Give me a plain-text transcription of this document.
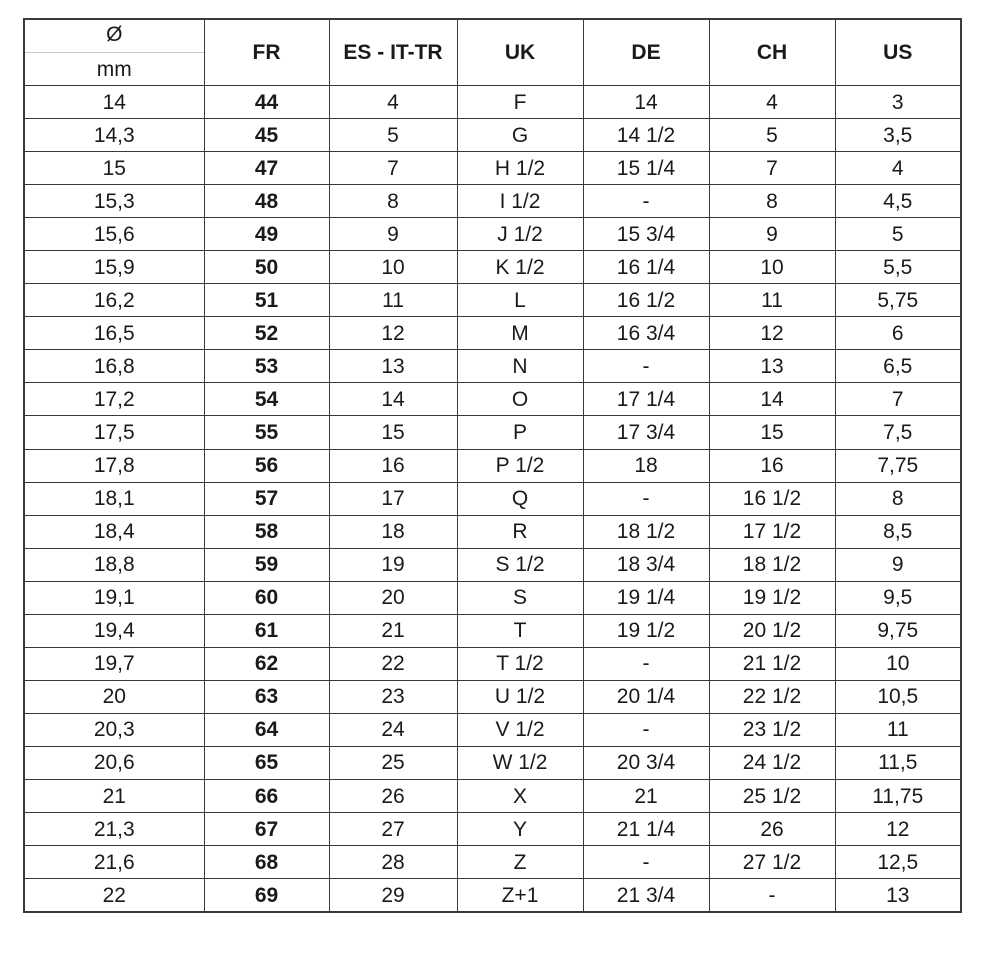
Ø
mm	FR	ES - IT-TR	UK	DE	CH	US
14	44	4	F	14	4	3
14,3	45	5	G	14 1/2	5	3,5
15	47	7	H 1/2	15 1/4	7	4
15,3	48	8	I 1/2	-	8	4,5
15,6	49	9	J 1/2	15 3/4	9	5
15,9	50	10	K 1/2	16 1/4	10	5,5
16,2	51	11	L	16 1/2	11	5,75
16,5	52	12	M	16 3/4	12	6
16,8	53	13	N	-	13	6,5
17,2	54	14	O	17 1/4	14	7
17,5	55	15	P	17 3/4	15	7,5
17,8	56	16	P 1/2	18	16	7,75
18,1	57	17	Q	-	16 1/2	8
18,4	58	18	R	18 1/2	17 1/2	8,5
18,8	59	19	S 1/2	18 3/4	18 1/2	9
19,1	60	20	S	19 1/4	19 1/2	9,5
19,4	61	21	T	19 1/2	20 1/2	9,75
19,7	62	22	T 1/2	-	21 1/2	10
20	63	23	U 1/2	20 1/4	22 1/2	10,5
20,3	64	24	V 1/2	-	23 1/2	11
20,6	65	25	W 1/2	20 3/4	24 1/2	11,5
21	66	26	X	21	25 1/2	11,75
21,3	67	27	Y	21 1/4	26	12
21,6	68	28	Z	-	27 1/2	12,5
22	69	29	Z+1	21 3/4	-	13
